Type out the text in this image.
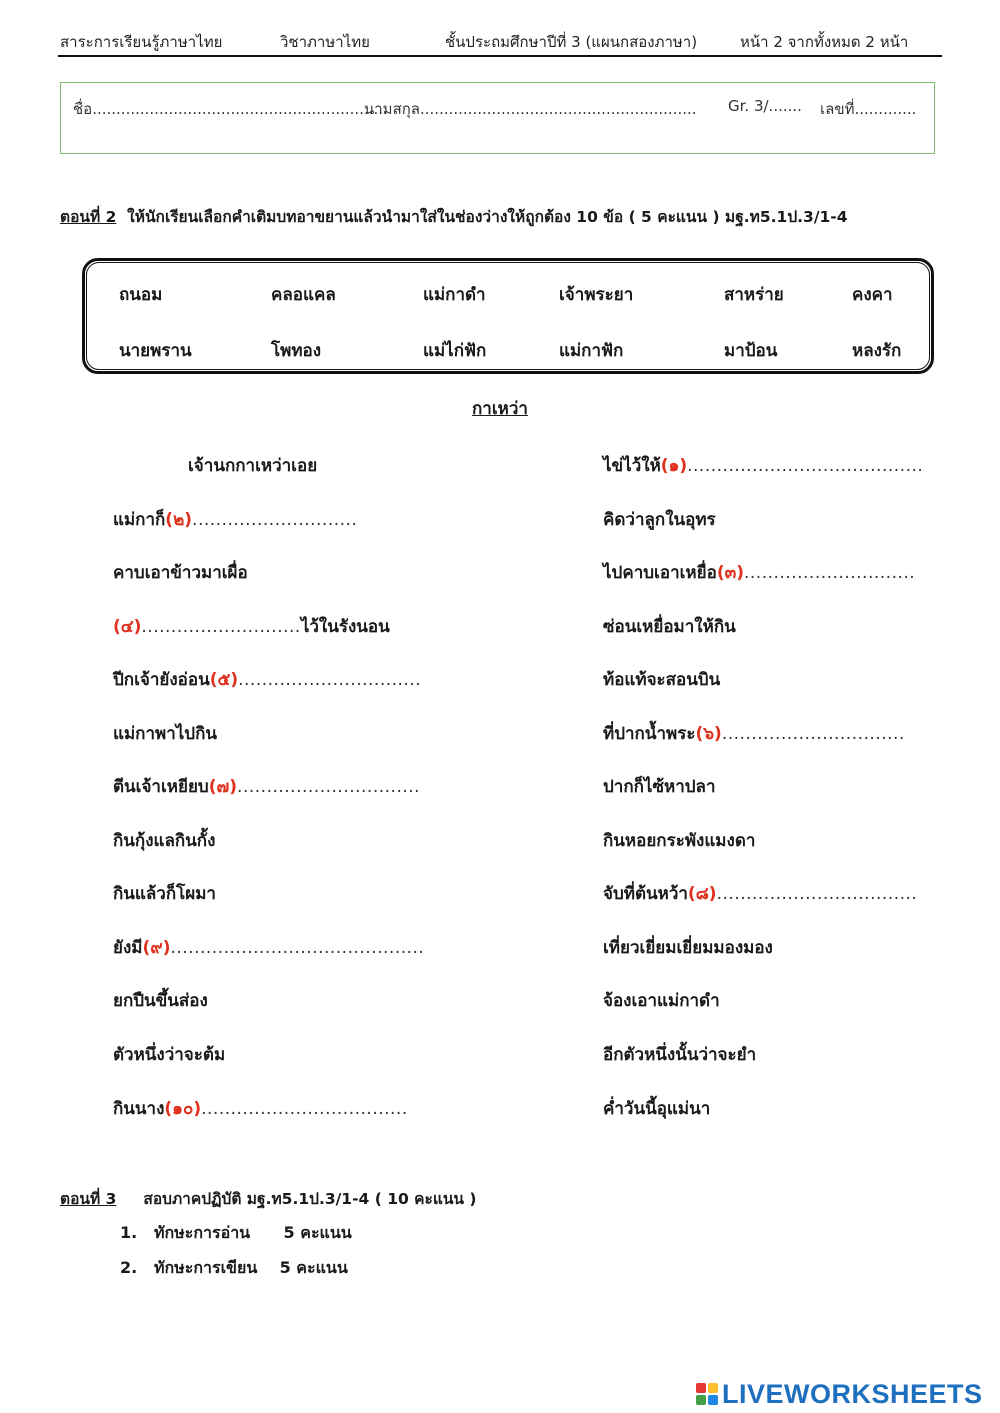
สาระการเรียนรู้ภาษาไทย	วิชาภาษาไทย	ชั้นประถมศึกษาปีที่ 3 (แผนกสองภาษา)	หน้า 2 จากทั้งหมด 2 หน้า
ชื่อ..............................................................
นามสกุล.......................................................... Gr. 3/....... เลขที่.............
ตอนที่ 2 ให้นักเรียนเลือกคำเติมบทอาขยานแล้วนำมาใส่ในช่องว่างให้ถูกต้อง 10 ข้อ ( 5 คะแนน ) มฐ.ท5.1ป.3/1-4
ถนอม	คลอแคล	แม่กาดำ	เจ้าพระยา	สาหร่าย	คงคา
นายพราน	โพทอง	แม่ไก่ฟัก	แม่กาฟัก	มาป้อน	หลงรัก
กาเหว่า
เจ้านกกาเหว่าเอย
แม่กาก็(๒)............................
คาบเอาข้าวมาเผื่อ
(๔)...........................ไว้ในรังนอน
ปีกเจ้ายังอ่อน(๕)...............................
แม่กาพาไปกิน
ตีนเจ้าเหยียบ(๗)...............................
กินกุ้งแลกินกั้ง
กินแล้วก็โผมา
ยังมี(๙)...........................................
ยกปืนขึ้นส่อง
ตัวหนึ่งว่าจะต้ม
กินนาง(๑๐)...................................
ไข่ไว้ให้(๑)........................................
คิดว่าลูกในอุทร
ไปคาบเอาเหยื่อ(๓).............................
ซ่อนเหยื่อมาให้กิน
ท้อแท้จะสอนบิน
ที่ปากน้ำพระ(๖)...............................
ปากก็ไซ้หาปลา
กินหอยกระพังแมงดา
จับที่ต้นหว้า(๘)..................................
เที่ยวเยี่ยมเยี่ยมมองมอง
จ้องเอาแม่กาดำ
อีกตัวหนึ่งนั้นว่าจะยำ
ค่ำวันนี้อุแม่นา
ตอนที่ 3 สอบภาคปฏิบัติ มฐ.ท5.1ป.3/1-4 ( 10 คะแนน )
1. ทักษะการอ่าน 5 คะแนน
2. ทักษะการเขียน 5 คะแนน
LIVEWORKSHEETS
